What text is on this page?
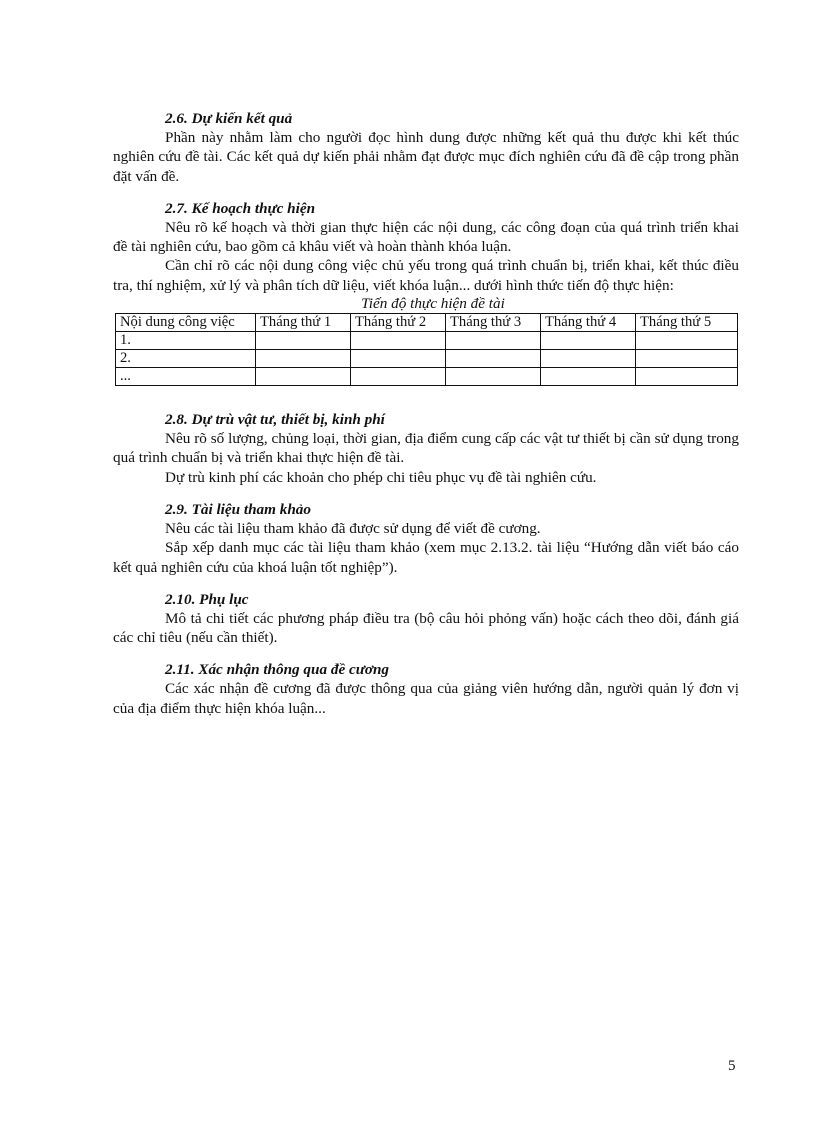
2.6. Dự kiến kết quả

Phần này nhằm làm cho người đọc hình dung được những kết quả thu được khi kết thúc nghiên cứu đề tài. Các kết quả dự kiến phải nhằm đạt được mục đích nghiên cứu đã đề cập trong phần đặt vấn đề.

2.7. Kế hoạch thực hiện

Nêu rõ kế hoạch và thời gian thực hiện các nội dung, các công đoạn của quá trình triển khai đề tài nghiên cứu, bao gồm cả khâu viết và hoàn thành khóa luận.

Cần chỉ rõ các nội dung công việc chủ yếu trong quá trình chuẩn bị, triển khai, kết thúc điều tra, thí nghiệm, xử lý và phân tích dữ liệu, viết khóa luận... dưới hình thức tiến độ thực hiện:

Tiến độ thực hiện đề tài
Nội dung công việc	Tháng thứ 1	Tháng thứ 2	Tháng thứ 3	Tháng thứ 4	Tháng thứ 5
1.					
2.					
...					
2.8. Dự trù vật tư, thiết bị, kinh phí

Nêu rõ số lượng, chủng loại, thời gian, địa điểm cung cấp các vật tư thiết bị cần sử dụng trong quá trình chuẩn bị và triển khai thực hiện đề tài.

Dự trù kinh phí các khoản cho phép chi tiêu phục vụ đề tài nghiên cứu.

2.9. Tài liệu tham khảo

Nêu các tài liệu tham khảo đã được sử dụng để viết đề cương.

Sắp xếp danh mục các tài liệu tham khảo (xem mục 2.13.2. tài liệu “Hướng dẫn viết báo cáo kết quả nghiên cứu của khoá luận tốt nghiệp”).

2.10. Phụ lục

Mô tả chi tiết các phương pháp điều tra (bộ câu hỏi phỏng vấn) hoặc cách theo dõi, đánh giá các chỉ tiêu (nếu cần thiết).

2.11. Xác nhận thông qua đề cương

Các xác nhận đề cương đã được thông qua của giảng viên hướng dẫn, người quản lý đơn vị của địa điểm thực hiện khóa luận...

5
